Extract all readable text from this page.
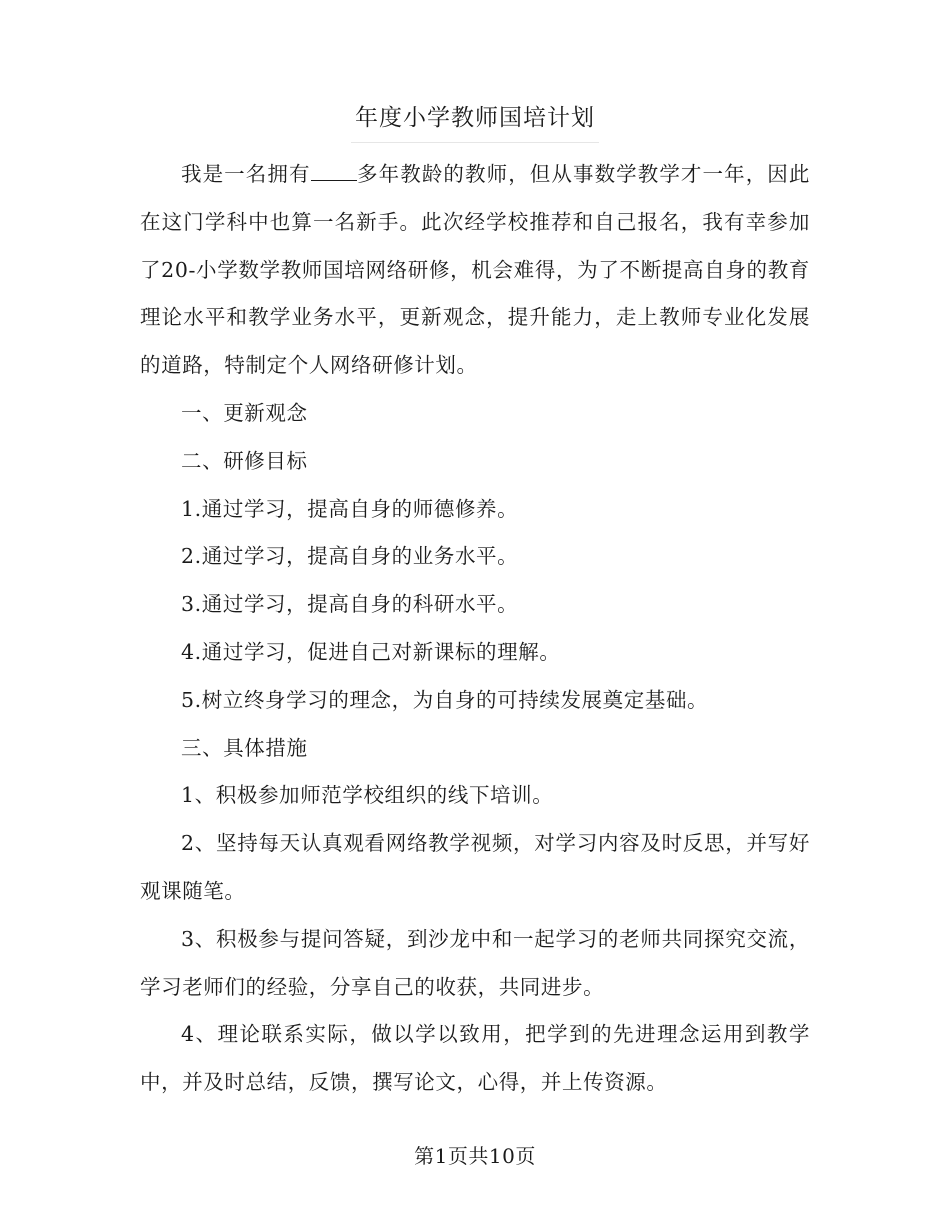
年度小学教师国培计划

我是一名拥有 多年教龄的教师，但从事数学教学才一年，因此在这门学科中也算一名新手。此次经学校推荐和自己报名，我有幸参加了20-小学数学教师国培网络研修，机会难得，为了不断提高自身的教育理论水平和教学业务水平，更新观念，提升能力，走上教师专业化发展的道路，特制定个人网络研修计划。

一、更新观念

二、研修目标

1.通过学习，提高自身的师德修养。

2.通过学习，提高自身的业务水平。

3.通过学习，提高自身的科研水平。

4.通过学习，促进自己对新课标的理解。

5.树立终身学习的理念，为自身的可持续发展奠定基础。

三、具体措施

1、积极参加师范学校组织的线下培训。

2、坚持每天认真观看网络教学视频，对学习内容及时反思，并写好观课随笔。

3、积极参与提问答疑，到沙龙中和一起学习的老师共同探究交流，学习老师们的经验，分享自己的收获，共同进步。

4、理论联系实际，做以学以致用，把学到的先进理念运用到教学中，并及时总结，反馈，撰写论文，心得，并上传资源。

第1页共10页
